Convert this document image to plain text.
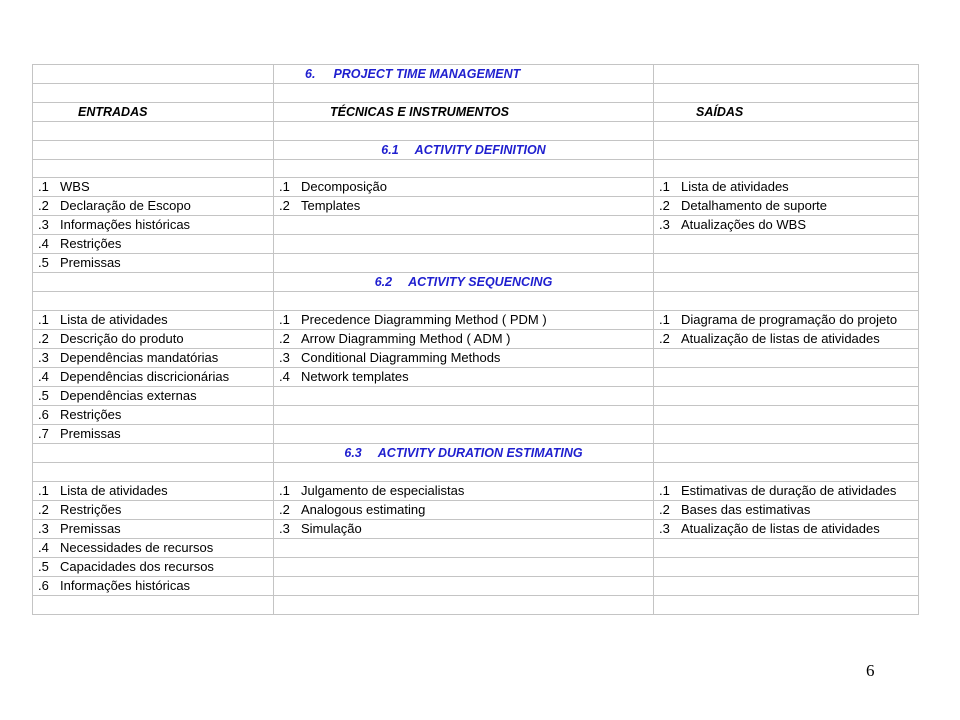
	6. PROJECT TIME MANAGEMENT	

ENTRADAS	TÉCNICAS E INSTRUMENTOS	SAÍDAS

	6.1 ACTIVITY DEFINITION	

.1 WBS	.1 Decomposição	.1 Lista de atividades
.2 Declaração de Escopo	.2 Templates	.2 Detalhamento de suporte
.3 Informações históricas		.3 Atualizações do WBS
.4 Restrições		
.5 Premissas		
	6.2 ACTIVITY SEQUENCING	

.1 Lista de atividades	.1 Precedence Diagramming Method ( PDM )	.1 Diagrama de programação do projeto
.2 Descrição do produto	.2 Arrow Diagramming Method ( ADM )	.2 Atualização de listas de atividades
.3 Dependências mandatórias	.3 Conditional Diagramming Methods	
.4 Dependências discricionárias	.4 Network templates	
.5 Dependências externas		
.6 Restrições		
.7 Premissas		
	6.3 ACTIVITY DURATION ESTIMATING	

.1 Lista de atividades	.1 Julgamento de especialistas	.1 Estimativas de duração de atividades
.2 Restrições	.2 Analogous estimating	.2 Bases das estimativas
.3 Premissas	.3 Simulação	.3 Atualização de listas de atividades
.4 Necessidades de recursos		
.5 Capacidades dos recursos		
.6 Informações históricas		

6
